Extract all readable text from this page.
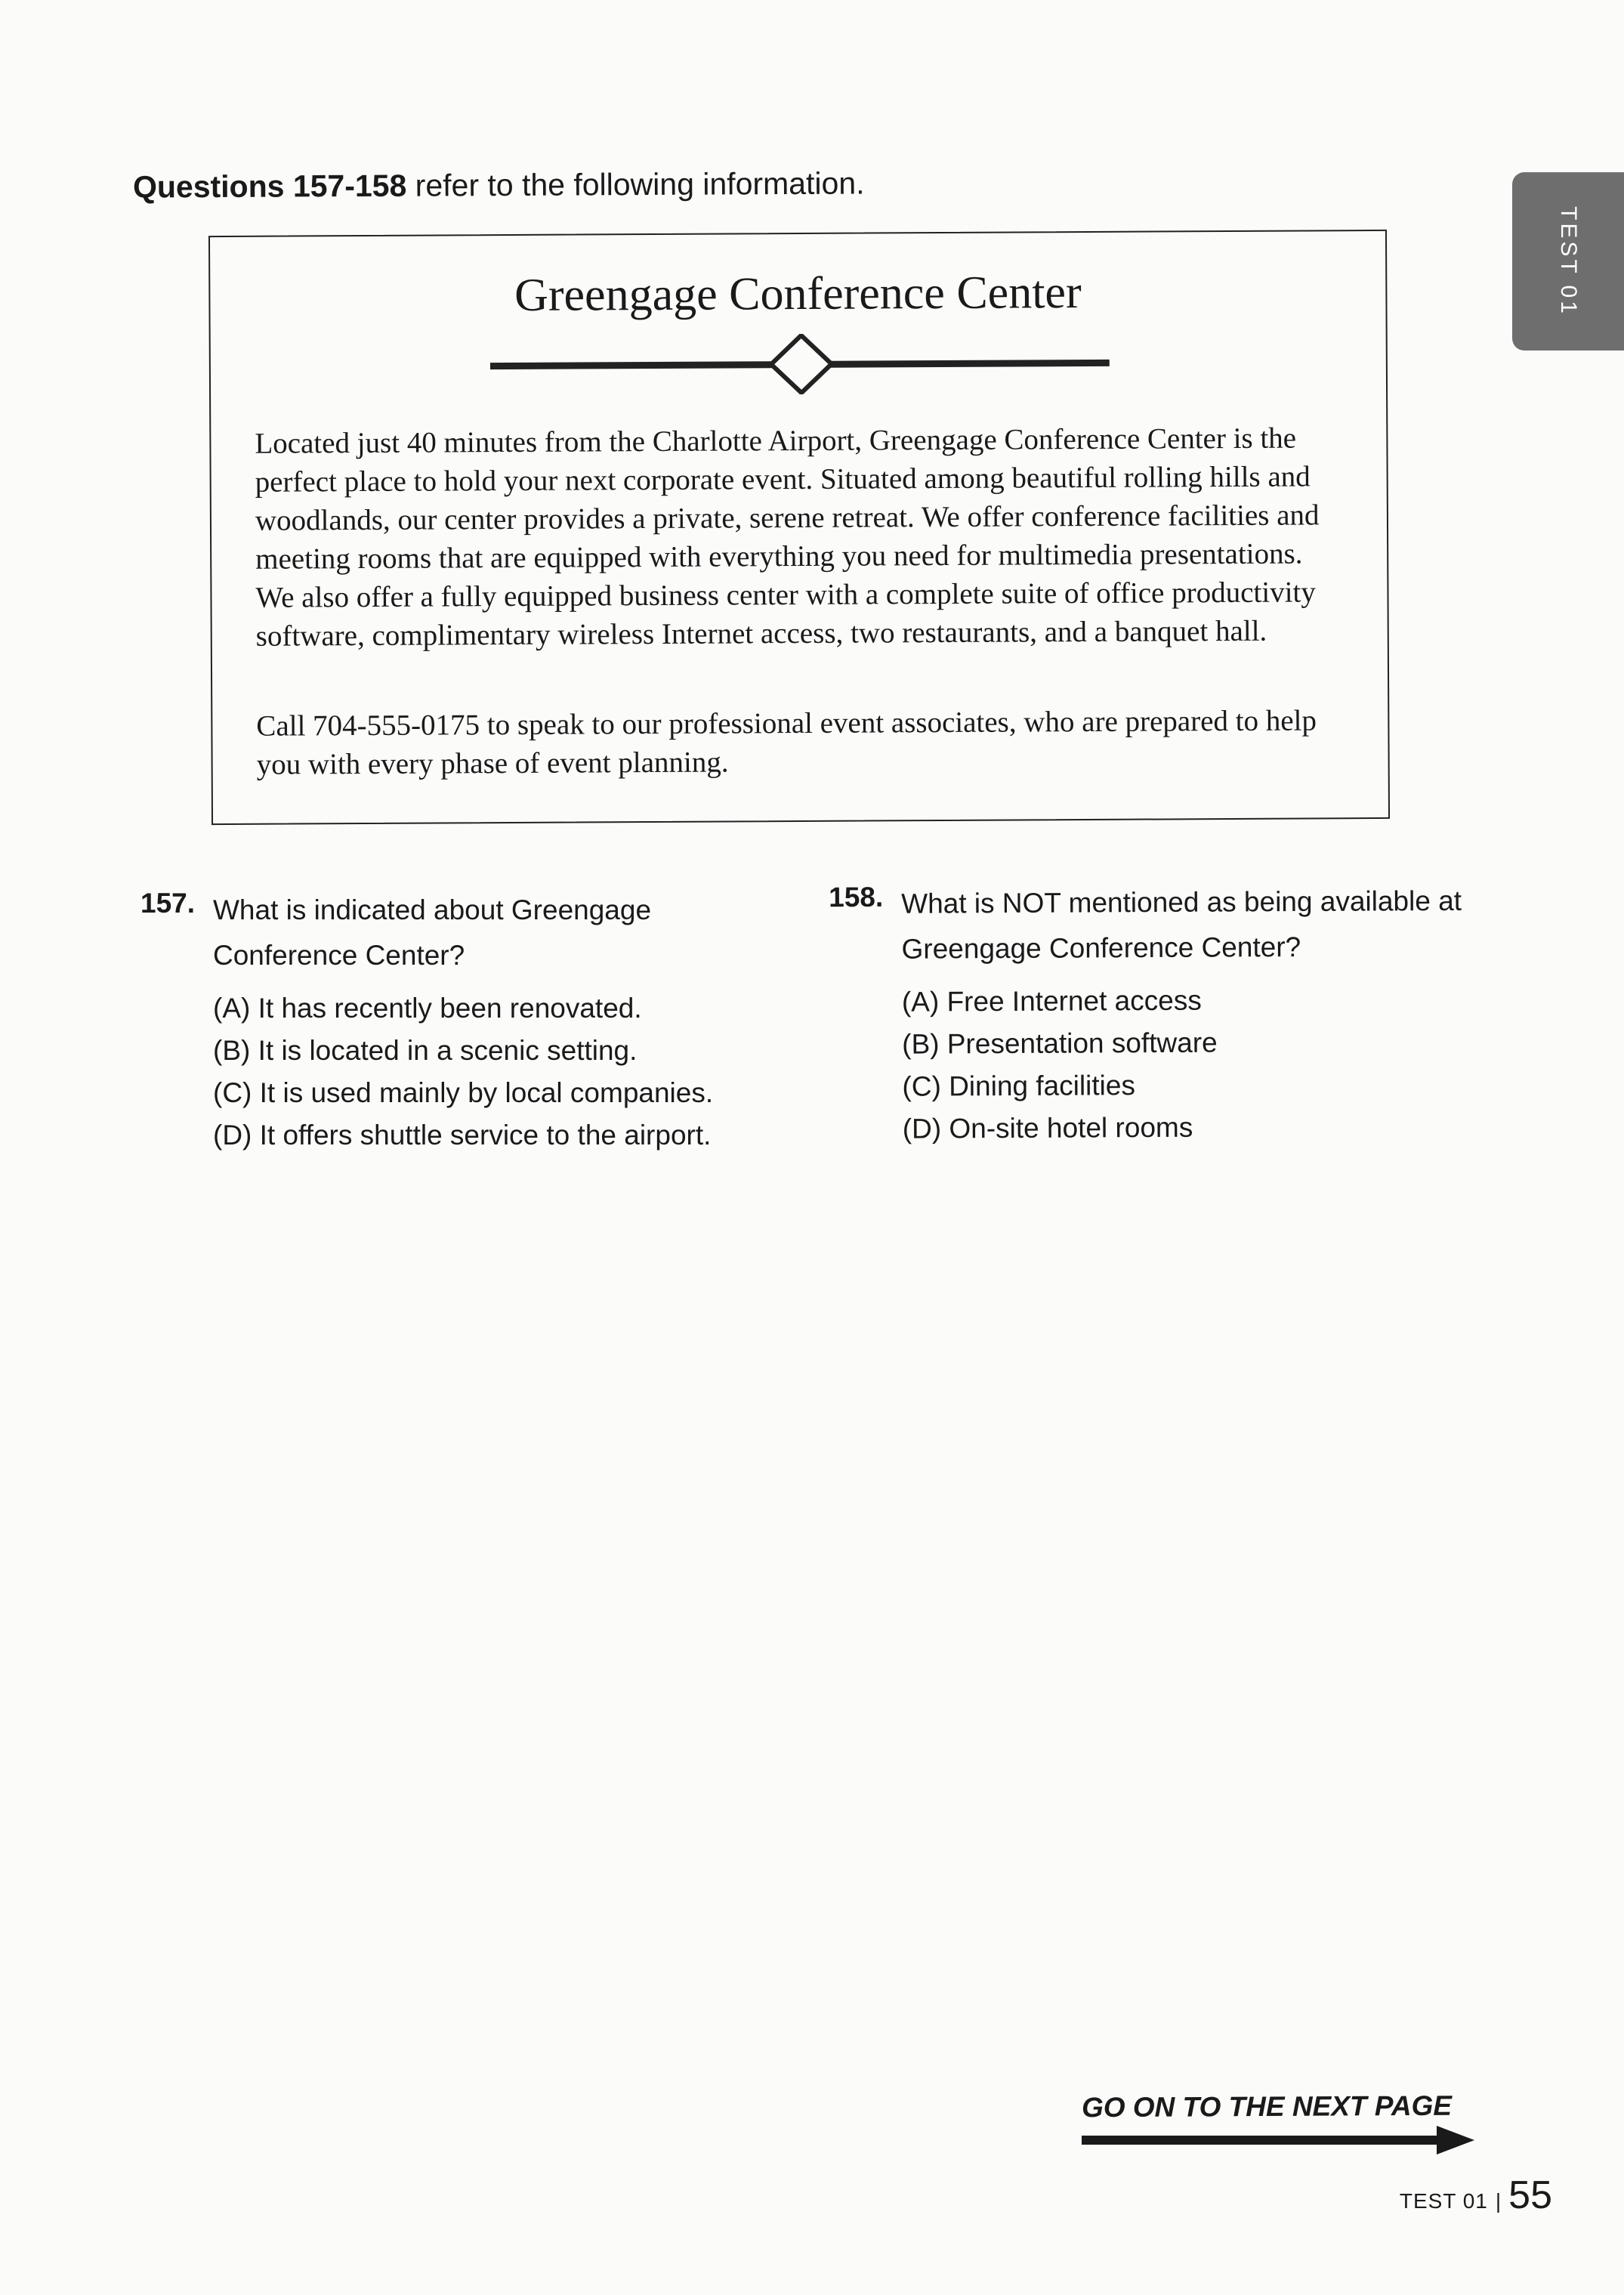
TEST 01
Questions 157-158 refer to the following information.
Greengage Conference Center
Located just 40 minutes from the Charlotte Airport, Greengage Conference Center is the perfect place to hold your next corporate event. Situated among beautiful rolling hills and woodlands, our center provides a private, serene retreat. We offer conference facilities and meeting rooms that are equipped with everything you need for multimedia presentations. We also offer a fully equipped business center with a complete suite of office productivity software, complimentary wireless Internet access, two restaurants, and a banquet hall.
Call 704-555-0175 to speak to our professional event associates, who are prepared to help you with every phase of event planning.
157. What is indicated about Greengage Conference Center?
(A) It has recently been renovated.
(B) It is located in a scenic setting.
(C) It is used mainly by local companies.
(D) It offers shuttle service to the airport.
158. What is NOT mentioned as being available at Greengage Conference Center?
(A) Free Internet access
(B) Presentation software
(C) Dining facilities
(D) On-site hotel rooms
GO ON TO THE NEXT PAGE
TEST 01 | 55
